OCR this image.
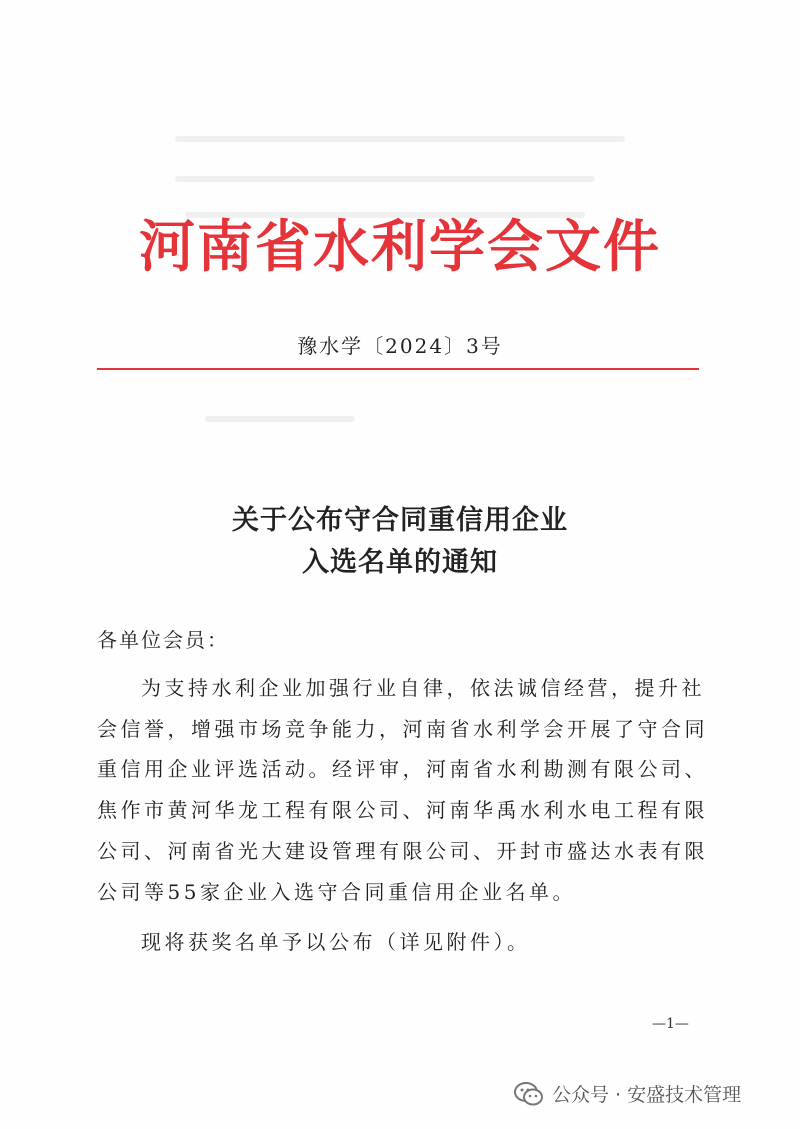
河南省水利学会文件
豫水学〔2024〕3号
关于公布守合同重信用企业
入选名单的通知
各单位会员：

为支持水利企业加强行业自律，依法诚信经营，提升社会信誉，增强市场竞争能力，河南省水利学会开展了守合同重信用企业评选活动。经评审，河南省水利勘测有限公司、焦作市黄河华龙工程有限公司、河南华禹水利水电工程有限公司、河南省光大建设管理有限公司、开封市盛达水表有限公司等55家企业入选守合同重信用企业名单。

现将获奖名单予以公布（详见附件）。

—1—
公众号 · 安盛技术管理
